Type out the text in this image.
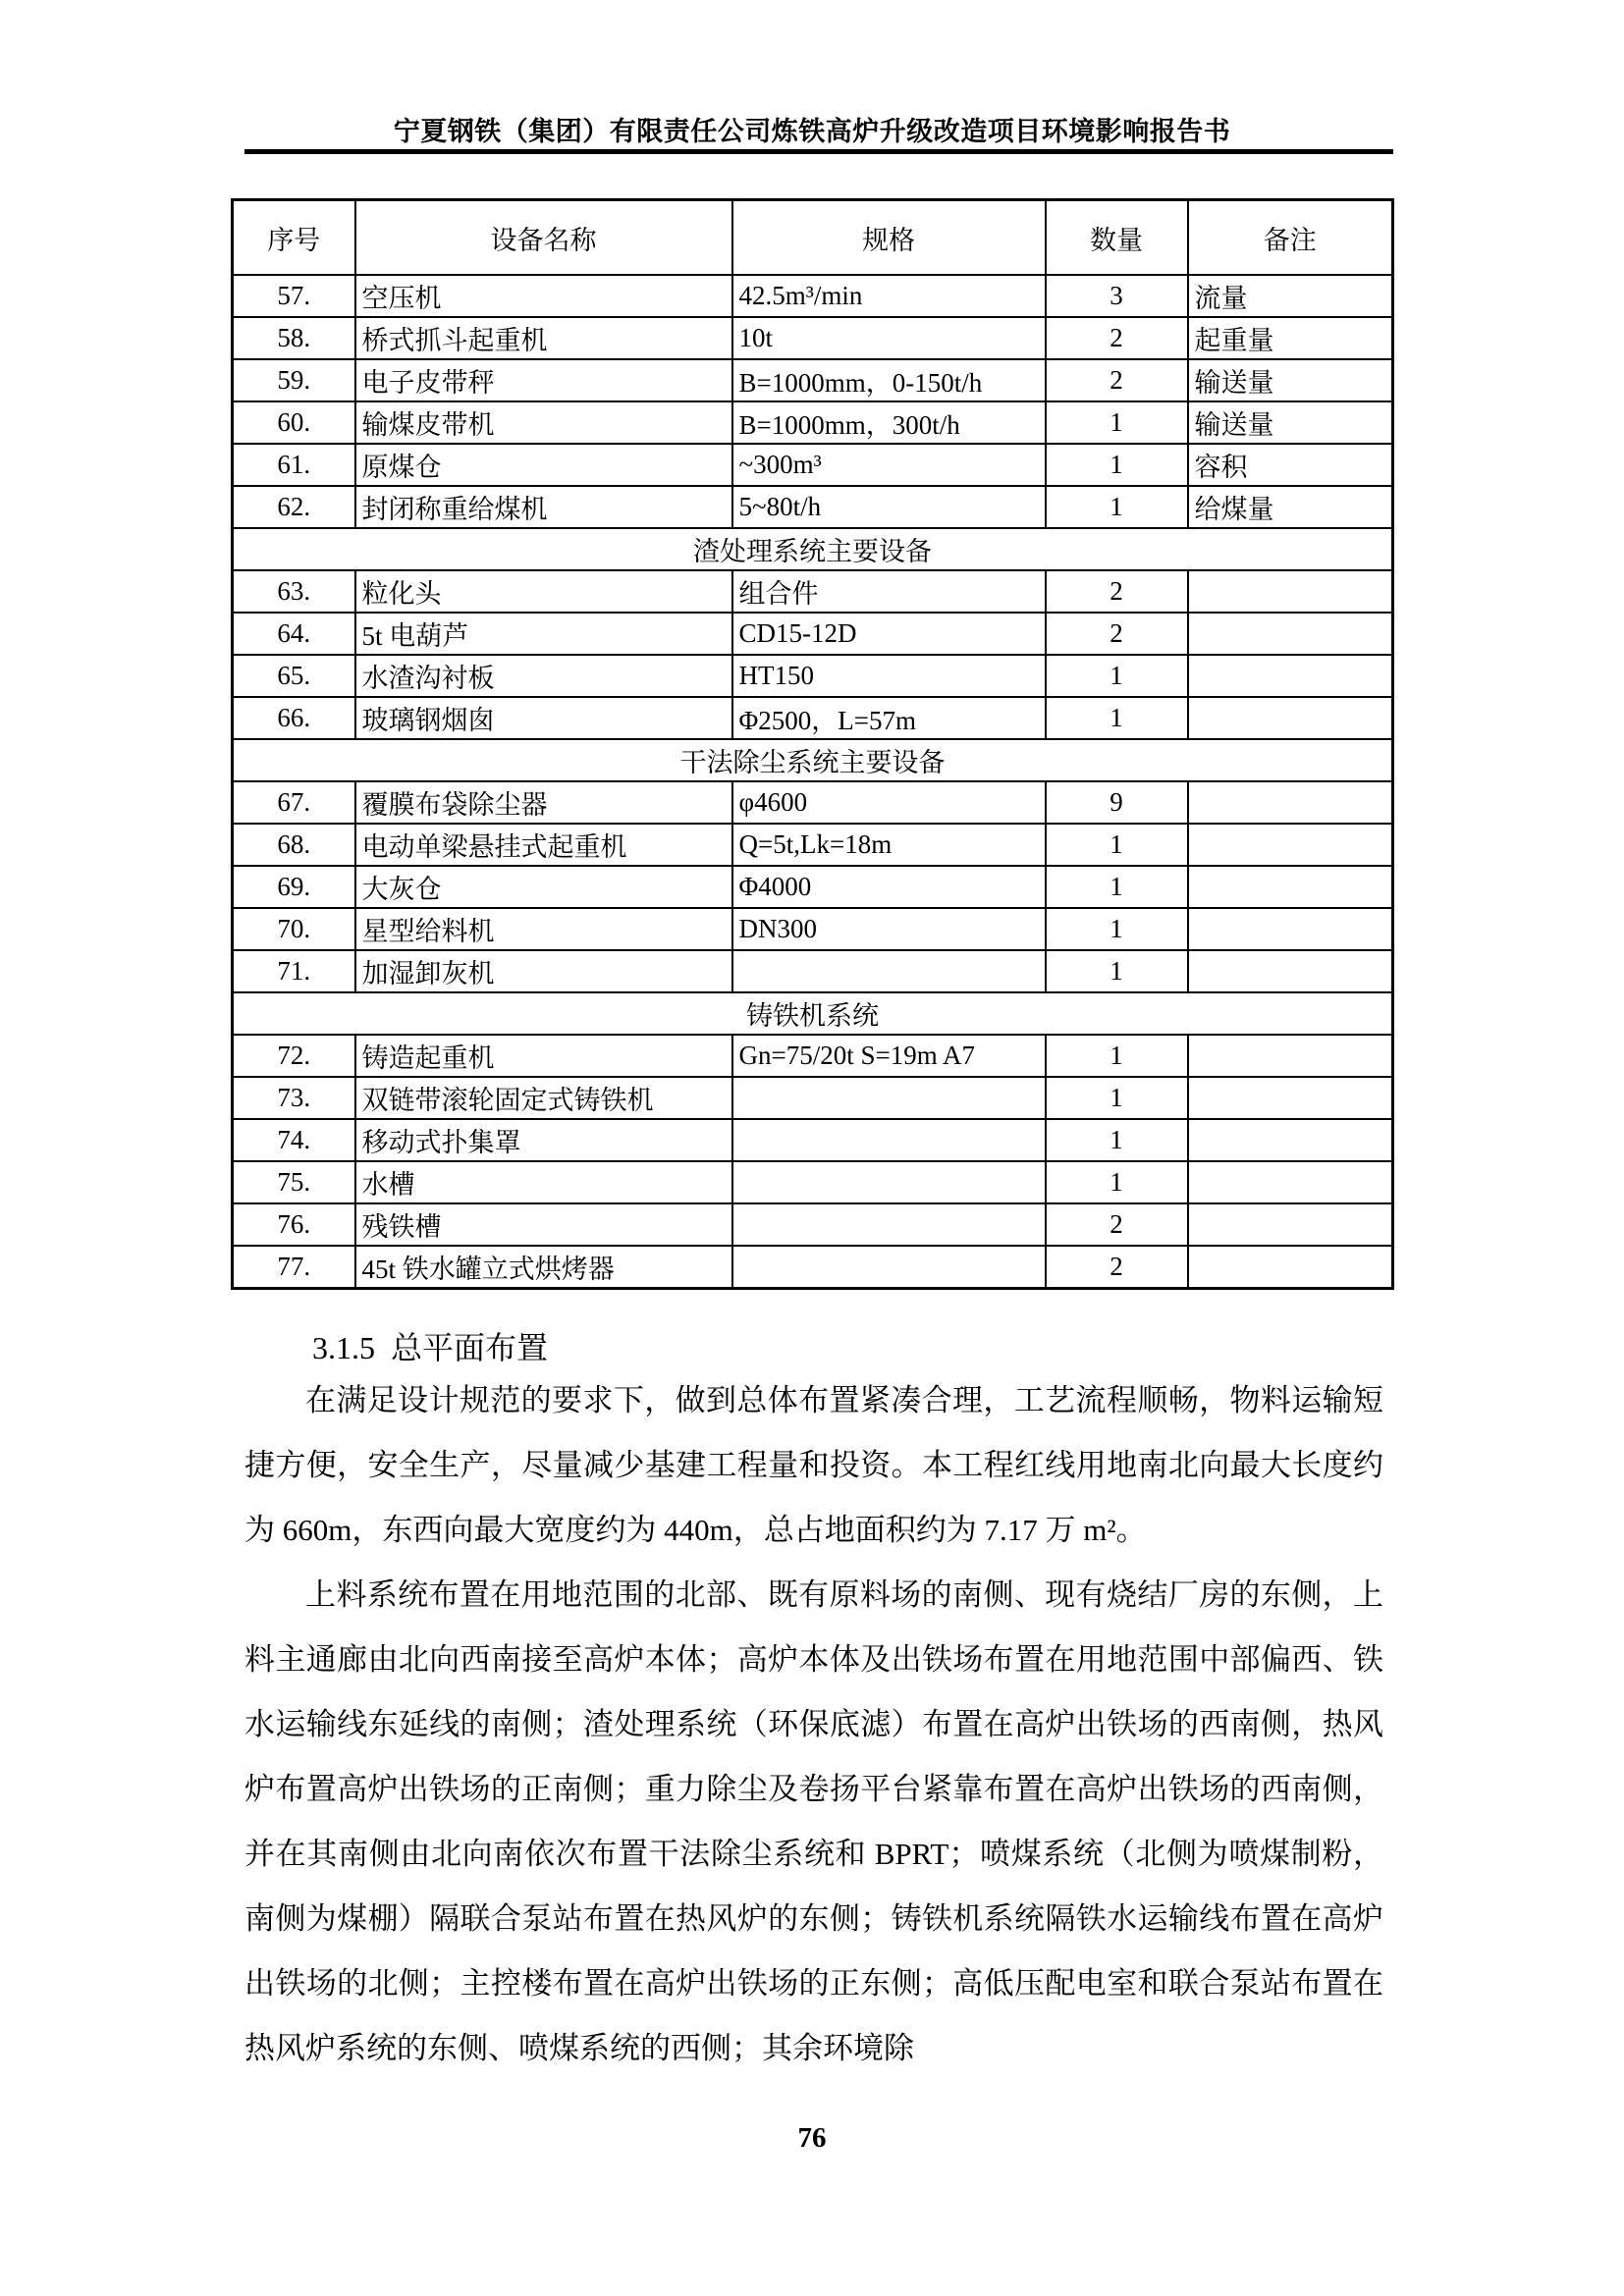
宁夏钢铁（集团）有限责任公司炼铁高炉升级改造项目环境影响报告书
序号	设备名称	规格	数量	备注
57.	空压机	42.5m³/min	3	流量
58.	桥式抓斗起重机	10t	2	起重量
59.	电子皮带秤	B=1000mm，0-150t/h	2	输送量
60.	输煤皮带机	B=1000mm，300t/h	1	输送量
61.	原煤仓	~300m³	1	容积
62.	封闭称重给煤机	5~80t/h	1	给煤量
渣处理系统主要设备				
63.	粒化头	组合件	2	
64.	5t 电葫芦	CD15-12D	2	
65.	水渣沟衬板	HT150	1	
66.	玻璃钢烟囱	Φ2500，L=57m	1	
干法除尘系统主要设备				
67.	覆膜布袋除尘器	φ4600	9	
68.	电动单梁悬挂式起重机	Q=5t,Lk=18m	1	
69.	大灰仓	Φ4000	1	
70.	星型给料机	DN300	1	
71.	加湿卸灰机		1	
铸铁机系统				
72.	铸造起重机	Gn=75/20t S=19m A7	1	
73.	双链带滚轮固定式铸铁机		1	
74.	移动式扑集罩		1	
75.	水槽		1	
76.	残铁槽		2	
77.	45t 铁水罐立式烘烤器		2	
3.1.5  总平面布置

在满足设计规范的要求下，做到总体布置紧凑合理，工艺流程顺畅，物料运输短捷方便，安全生产，尽量减少基建工程量和投资。本工程红线用地南北向最大长度约为 660m，东西向最大宽度约为 440m，总占地面积约为 7.17 万 m²。

上料系统布置在用地范围的北部、既有原料场的南侧、现有烧结厂房的东侧，上料主通廊由北向西南接至高炉本体；高炉本体及出铁场布置在用地范围中部偏西、铁水运输线东延线的南侧；渣处理系统（环保底滤）布置在高炉出铁场的西南侧，热风炉布置高炉出铁场的正南侧；重力除尘及卷扬平台紧靠布置在高炉出铁场的西南侧，并在其南侧由北向南依次布置干法除尘系统和 BPRT；喷煤系统（北侧为喷煤制粉，南侧为煤棚）隔联合泵站布置在热风炉的东侧；铸铁机系统隔铁水运输线布置在高炉出铁场的北侧；主控楼布置在高炉出铁场的正东侧；高低压配电室和联合泵站布置在热风炉系统的东侧、喷煤系统的西侧；其余环境除

76
